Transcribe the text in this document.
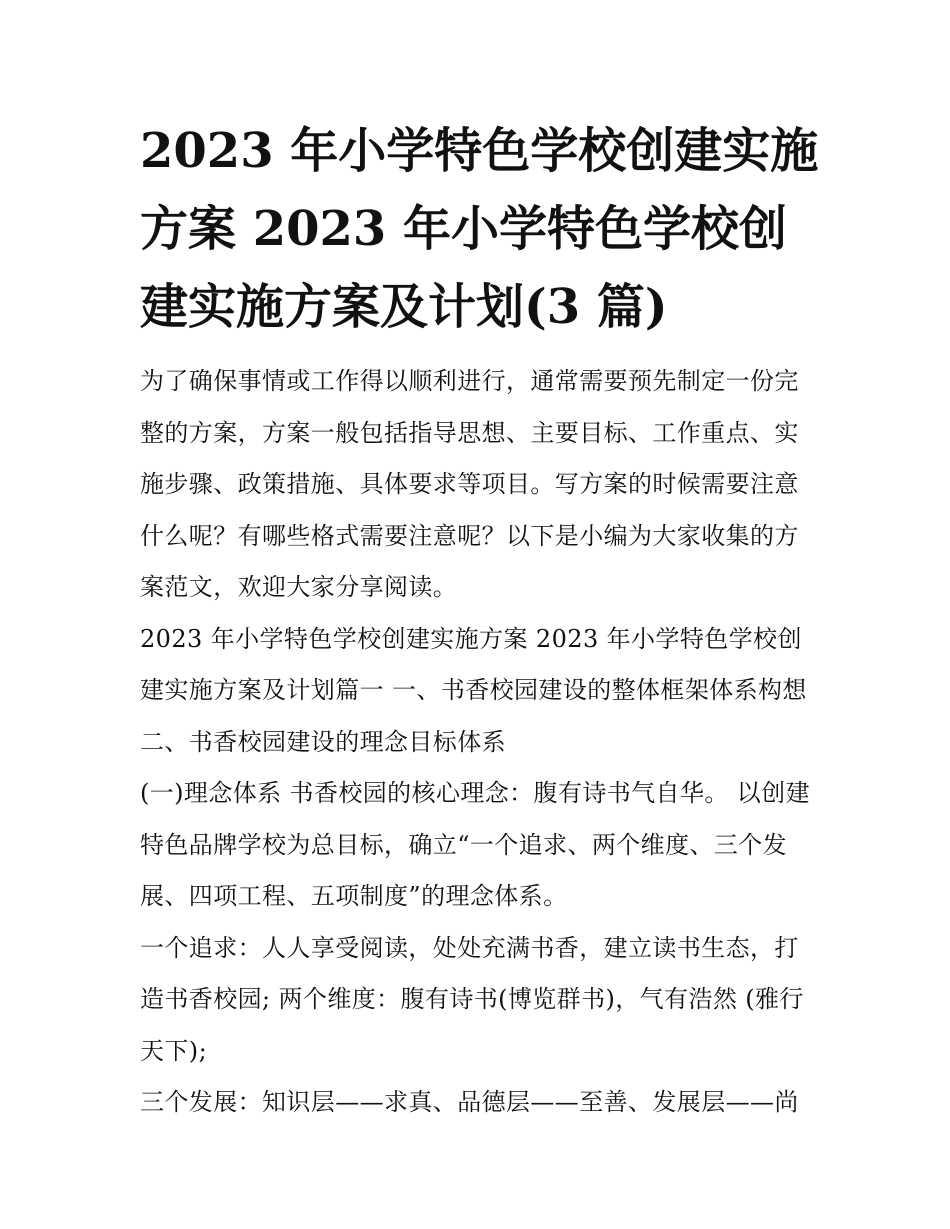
2023 年小学特色学校创建实施方案 2023 年小学特色学校创建实施方案及计划(3 篇)

为了确保事情或工作得以顺利进行，通常需要预先制定一份完整的方案，方案一般包括指导思想、主要目标、工作重点、实施步骤、政策措施、具体要求等项目。写方案的时候需要注意什么呢？有哪些格式需要注意呢？以下是小编为大家收集的方案范文，欢迎大家分享阅读。

2023 年小学特色学校创建实施方案 2023 年小学特色学校创建实施方案及计划篇一 一、书香校园建设的整体框架体系构想

二、书香校园建设的理念目标体系

(一)理念体系 书香校园的核心理念：腹有诗书气自华。 以创建特色品牌学校为总目标，确立“一个追求、两个维度、三个发展、四项工程、五项制度”的理念体系。

一个追求：人人享受阅读，处处充满书香，建立读书生态，打造书香校园; 两个维度：腹有诗书(博览群书)，气有浩然 (雅行天下);

三个发展：知识层——求真、品德层——至善、发展层——尚
